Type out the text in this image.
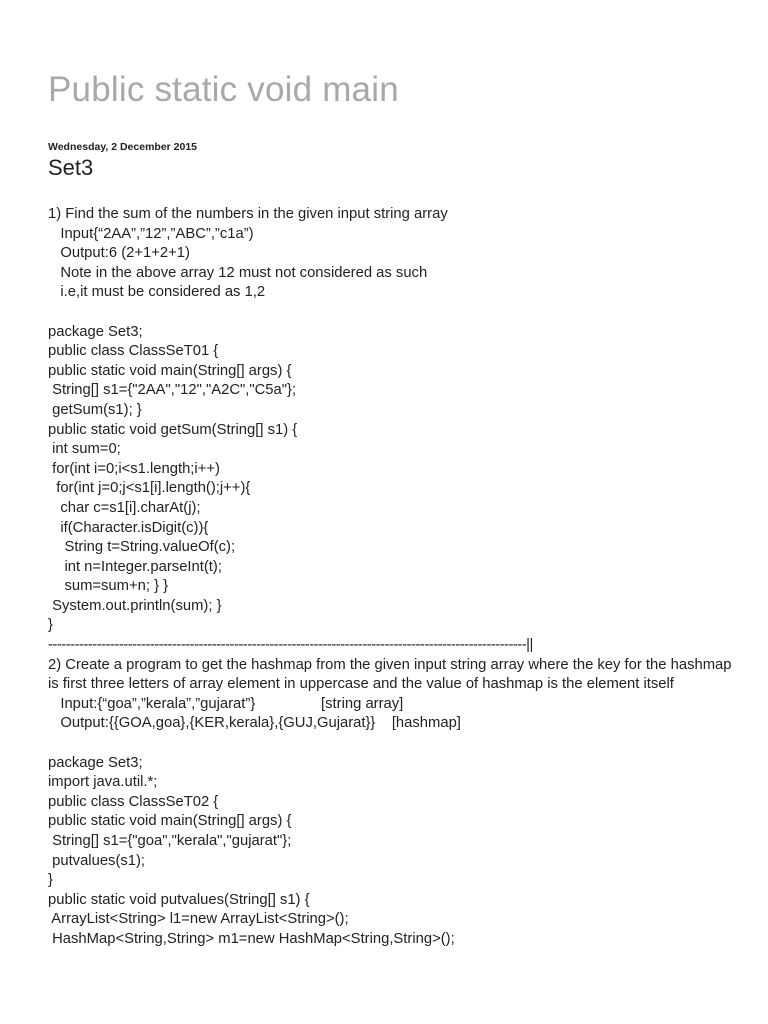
Public static void main
Wednesday, 2 December 2015
Set3
1) Find the sum of the numbers in the given input string array
Input{“2AA”,”12”,”ABC”,”c1a”)
Output:6 (2+1+2+1)
Note in the above array 12 must not considered as such
i.e,it must be considered as 1,2
package Set3;
public class ClassSeT01 {
public static void main(String[] args) {
String[] s1={"2AA","12","A2C","C5a"};
getSum(s1); }
public static void getSum(String[] s1) {
int sum=0;
for(int i=0;i<s1.length;i++)
for(int j=0;j<s1[i].length();j++){
char c=s1[i].charAt(j);
if(Character.isDigit(c)){
String t=String.valueOf(c);
int n=Integer.parseInt(t);
sum=sum+n; } }
System.out.println(sum); }
}
------------------------------------------------------------------------------------------------------------||
2) Create a program to get the hashmap from the given input string array where the key for the hashmap
is first three letters of array element in uppercase and the value of hashmap is the element itself
Input:{“goa”,”kerala”,”gujarat”}                [string array]
Output:{{GOA,goa},{KER,kerala},{GUJ,Gujarat}}    [hashmap]
package Set3;
import java.util.*;
public class ClassSeT02 {
public static void main(String[] args) {
String[] s1={"goa","kerala","gujarat"};
putvalues(s1);
}
public static void putvalues(String[] s1) {
ArrayList<String> l1=new ArrayList<String>();
HashMap<String,String> m1=new HashMap<String,String>();
